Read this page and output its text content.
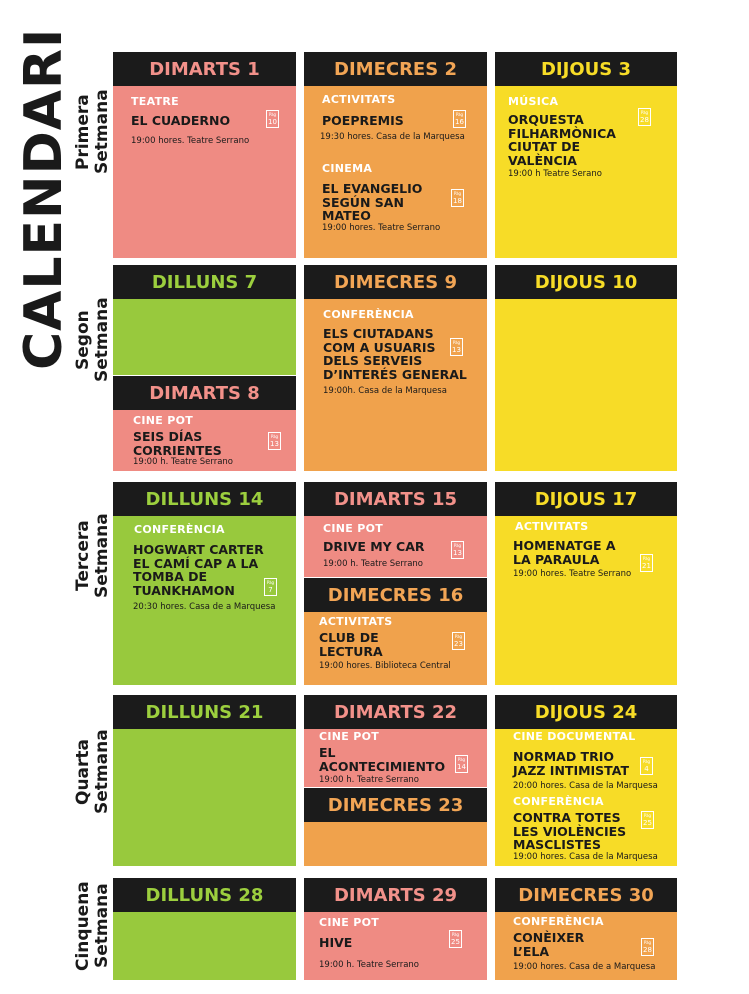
CALENDARI Primera
Setmana
Segon
Setmana
Tercera
Setmana
Quarta
Setmana
Cinquena
Setmana
DIMARTS 1
TEATRE
EL CUADERNO
19:00 hores. Teatre Serrano
Pàg
10
DIMECRES 2
ACTIVITATS
POEPREMIS
19:30 hores. Casa de la Marquesa
Pàg
16
CINEMA
EL EVANGELIO
SEGÚN SAN
MATEO
19:00 hores. Teatre Serrano
Pàg
18
DIJOUS 3
MÚSICA
ORQUESTA
FILHARMÒNICA
CIUTAT DE
VALÈNCIA
19:00 h Teatre Serano
Pàg
28
DILLUNS 7
DIMARTS 8
CINE POT
SEIS DÍAS
CORRIENTES
19:00 h. Teatre Serrano
Pàg
13
DIMECRES 9
CONFERÈNCIA
ELS CIUTADANS
COM A USUARIS
DELS SERVEIS
D’INTERÉS GENERAL
19:00h. Casa de la Marquesa
Pàg
13
DIJOUS 10
DILLUNS 14
CONFERÈNCIA
HOGWART CARTER
EL CAMÍ CAP A LA
TOMBA DE
TUANKHAMON
20:30 hores. Casa de a Marquesa
Pàg
7
DIMARTS 15
CINE POT
DRIVE MY CAR
19:00 h. Teatre Serrano
Pàg
13
DIMECRES 16
ACTIVITATS
CLUB DE
LECTURA
19:00 hores. Biblioteca Central
Pàg
23
DIJOUS 17
ACTIVITATS
HOMENATGE A
LA PARAULA
19:00 hores. Teatre Serrano
Pàg
21
DILLUNS 21	DIMARTS 22
CINE POT
EL
ACONTECIMIENTO
19:00 h. Teatre Serrano
Pàg
14
DIMECRES 23
DIJOUS 24
CINE DOCUMENTAL
NORMAD TRIO
JAZZ INTIMISTAT
20:00 hores. Casa de la Marquesa
Pàg
4
CONFERÈNCIA
CONTRA TOTES
LES VIOLÈNCIES
MASCLISTES
19:00 hores. Casa de la Marquesa
Pàg
25
DILLUNS 28	DIMARTS 29
CINE POT
HIVE
19:00 h. Teatre Serrano
Pàg
25
DIMECRES 30
CONFERÈNCIA
CONÈIXER
L’ELA
19:00 hores. Casa de a Marquesa
Pàg
28
